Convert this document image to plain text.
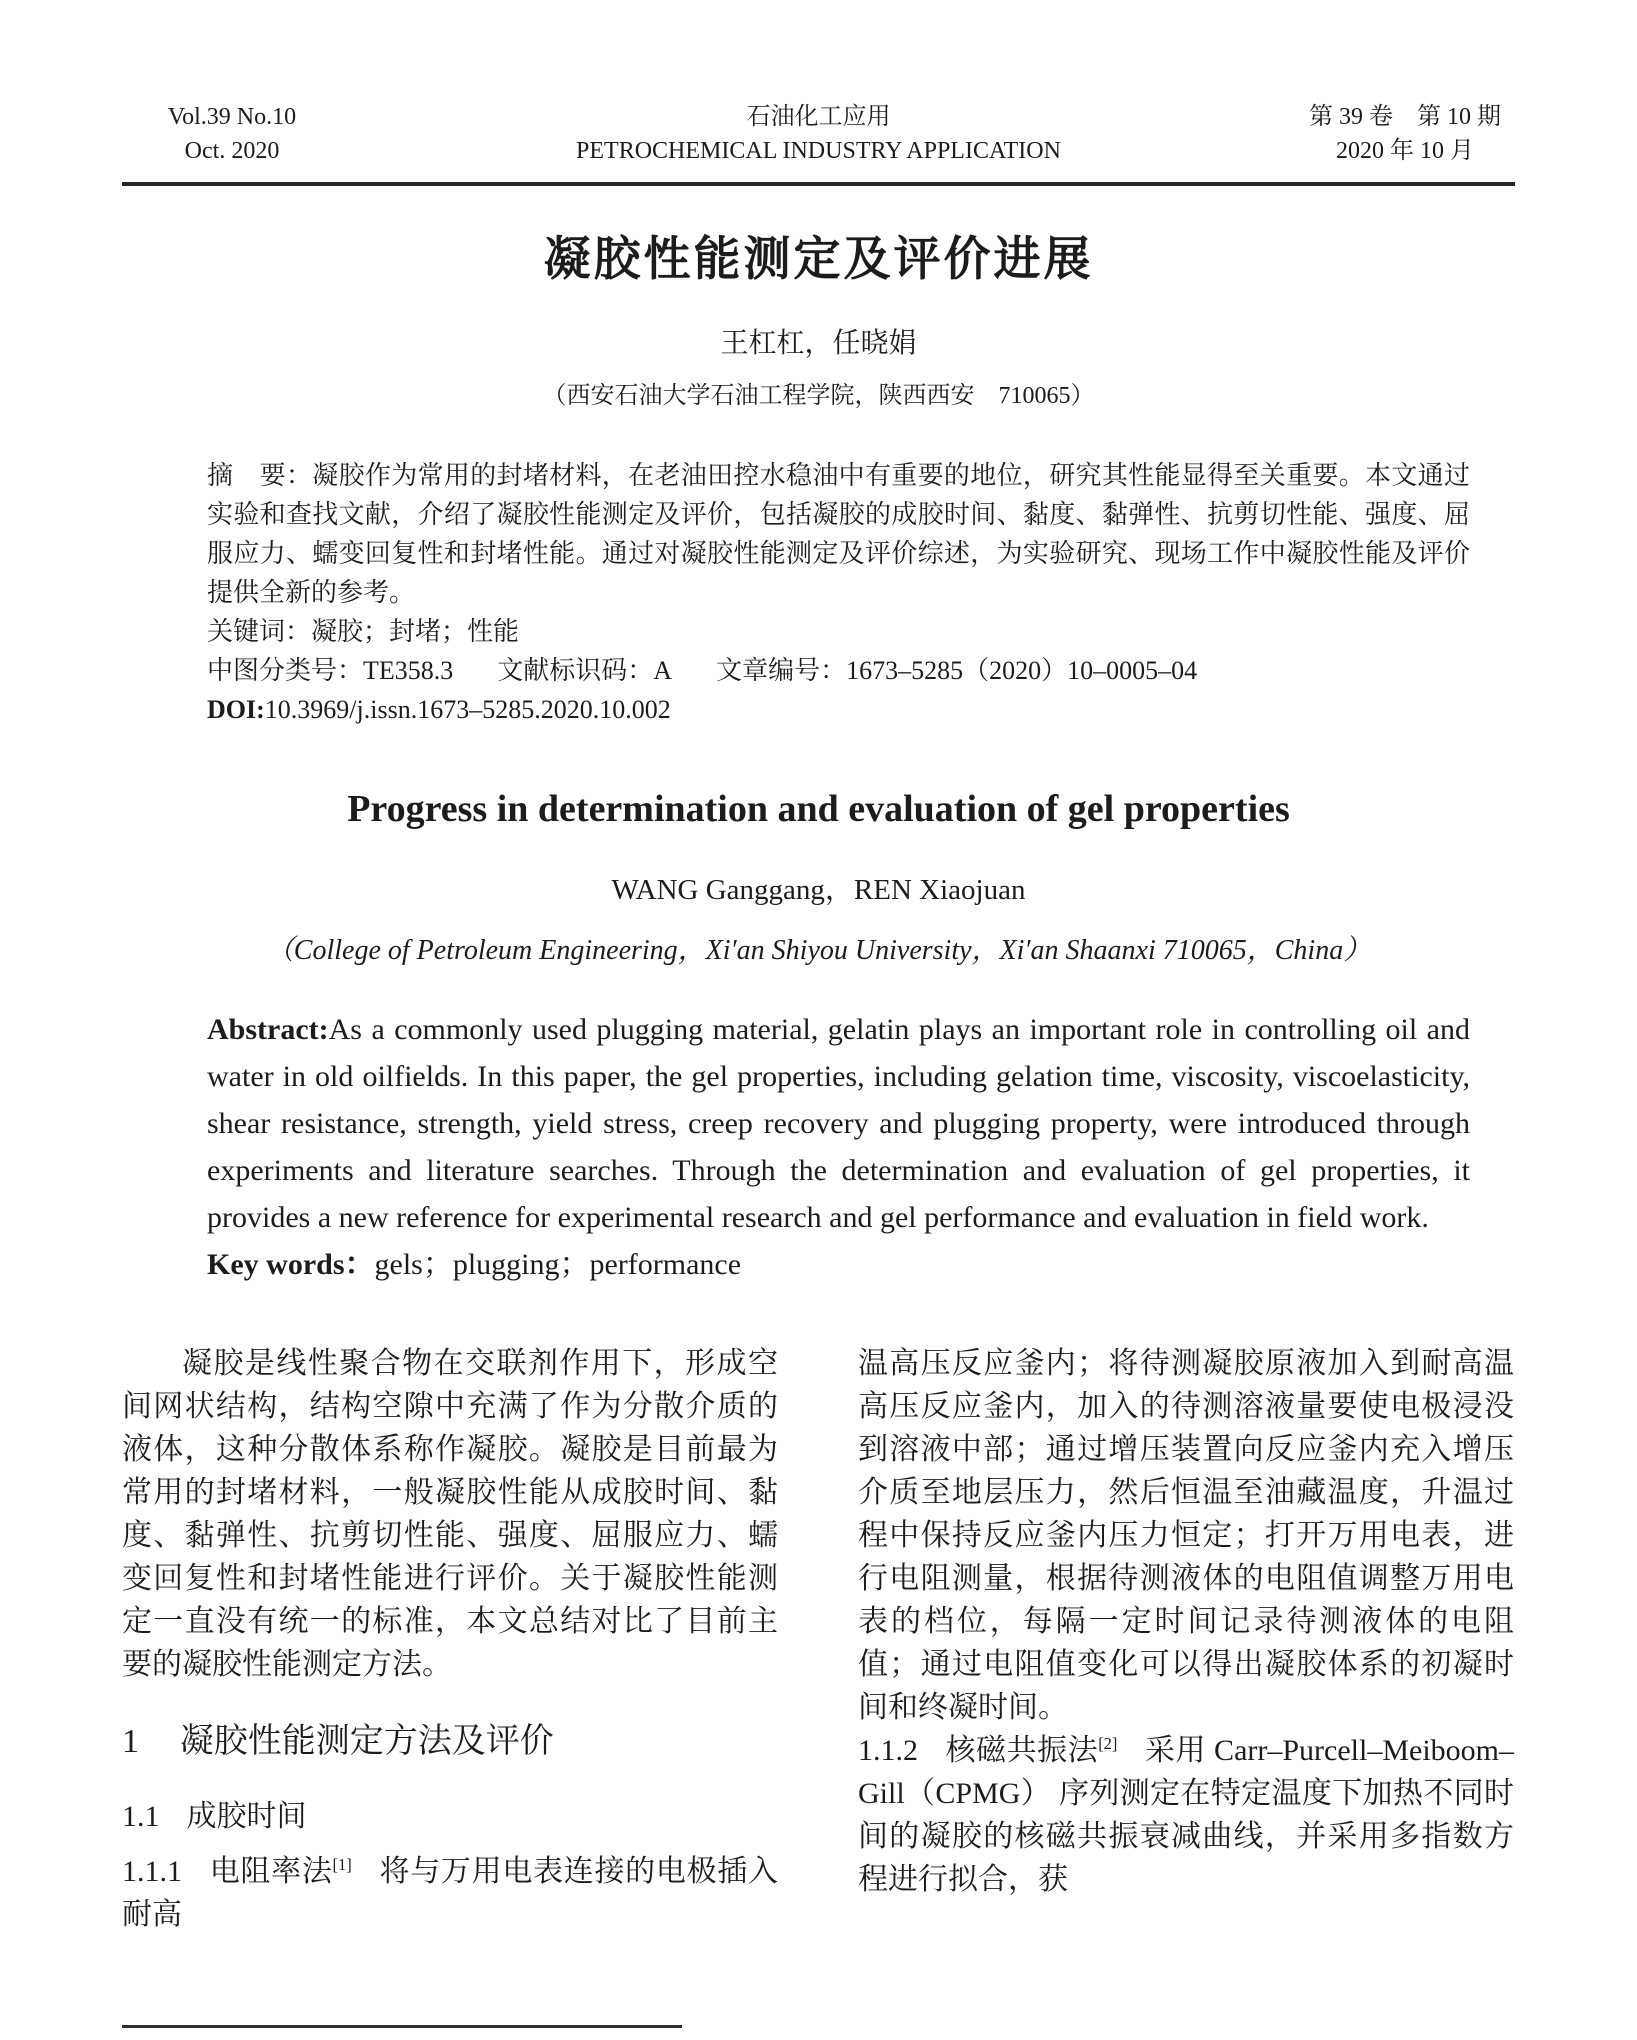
Vol.39 No.10
Oct. 2020
石油化工应用
PETROCHEMICAL INDUSTRY APPLICATION
第 39 卷　第 10 期
2020 年 10 月
凝胶性能测定及评价进展
王杠杠，任晓娟
（西安石油大学石油工程学院，陕西西安　710065）

摘　要：凝胶作为常用的封堵材料，在老油田控水稳油中有重要的地位，研究其性能显得至关重要。本文通过实验和查找文献，介绍了凝胶性能测定及评价，包括凝胶的成胶时间、黏度、黏弹性、抗剪切性能、强度、屈服应力、蠕变回复性和封堵性能。通过对凝胶性能测定及评价综述，为实验研究、现场工作中凝胶性能及评价提供全新的参考。

关键词：凝胶；封堵；性能

中图分类号：TE358.3 文献标识码：A 文章编号：1673–5285（2020）10–0005–04

DOI:10.3969/j.issn.1673–5285.2020.10.002

Progress in determination and evaluation of gel properties
WANG Ganggang，REN Xiaojuan
（College of Petroleum Engineering，Xi′an Shiyou University，Xi′an Shaanxi 710065，China）

Abstract:As a commonly used plugging material, gelatin plays an important role in controlling oil and water in old oilfields. In this paper, the gel properties, including gelation time, viscosity, viscoelasticity, shear resistance, strength, yield stress, creep recovery and plugging property, were introduced through experiments and literature searches. Through the determination and evaluation of gel properties, it provides a new reference for experimental research and gel performance and evaluation in field work.

Key words：gels；plugging；performance

凝胶是线性聚合物在交联剂作用下，形成空间网状结构，结构空隙中充满了作为分散介质的液体，这种分散体系称作凝胶。凝胶是目前最为常用的封堵材料，一般凝胶性能从成胶时间、黏度、黏弹性、抗剪切性能、强度、屈服应力、蠕变回复性和封堵性能进行评价。关于凝胶性能测定一直没有统一的标准，本文总结对比了目前主要的凝胶性能测定方法。

1 凝胶性能测定方法及评价
1.1 成胶时间

1.1.1 电阻率法[1] 将与万用电表连接的电极插入耐高

温高压反应釜内；将待测凝胶原液加入到耐高温高压反应釜内，加入的待测溶液量要使电极浸没到溶液中部；通过增压装置向反应釜内充入增压介质至地层压力，然后恒温至油藏温度，升温过程中保持反应釜内压力恒定；打开万用电表，进行电阻测量，根据待测液体的电阻值调整万用电表的档位，每隔一定时间记录待测液体的电阻值；通过电阻值变化可以得出凝胶体系的初凝时间和终凝时间。

1.1.2 核磁共振法[2] 采用 Carr–Purcell–Meiboom–Gill（CPMG） 序列测定在特定温度下加热不同时间的凝胶的核磁共振衰减曲线，并采用多指数方程进行拟合，获
